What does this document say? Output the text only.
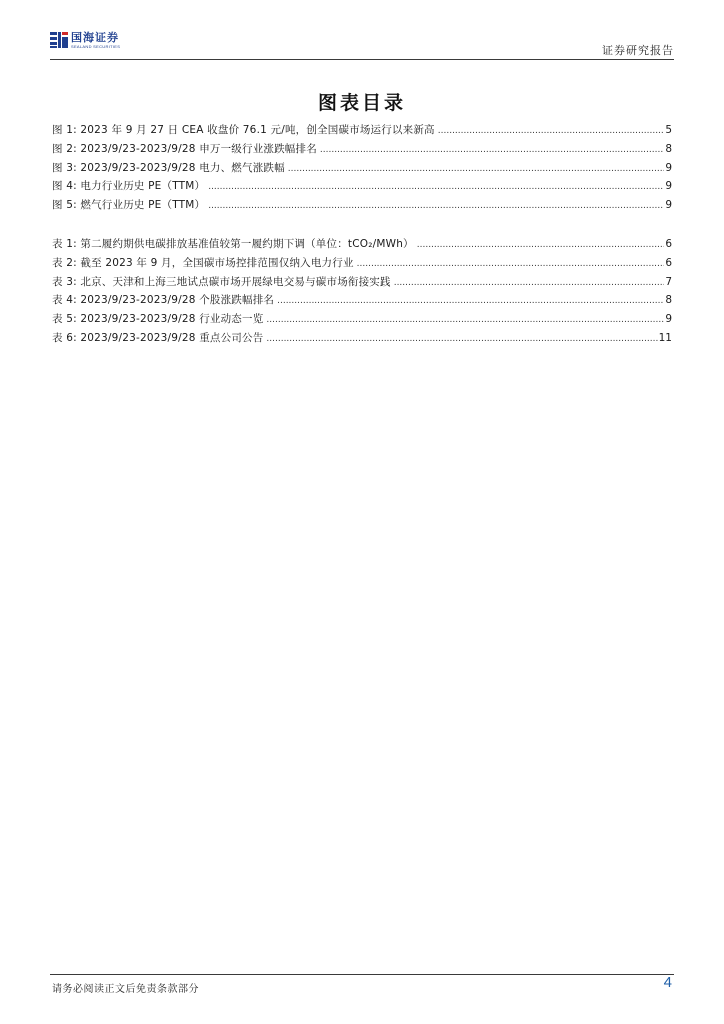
国海证券
SEALAND SECURITIES	证券研究报告
图表目录
图 1: 2023 年 9 月 27 日 CEA 收盘价 76.1 元/吨，创全国碳市场运行以来新高 .....	5
图 2: 2023/9/23-2023/9/28 申万一级行业涨跌幅排名 .....	8
图 3: 2023/9/23-2023/9/28 电力、燃气涨跌幅 .....	9
图 4: 电力行业历史 PE（TTM） .....	9
图 5: 燃气行业历史 PE（TTM） .....	9
表 1: 第二履约期供电碳排放基准值较第一履约期下调（单位：tCO₂/MWh） .....	6
表 2: 截至 2023 年 9 月，全国碳市场控排范围仅纳入电力行业 .....	6
表 3: 北京、天津和上海三地试点碳市场开展绿电交易与碳市场衔接实践 .....	7
表 4: 2023/9/23-2023/9/28 个股涨跌幅排名 .....	8
表 5: 2023/9/23-2023/9/28 行业动态一览 .....	9
表 6: 2023/9/23-2023/9/28 重点公司公告 .....	11
请务必阅读正文后免责条款部分	4
